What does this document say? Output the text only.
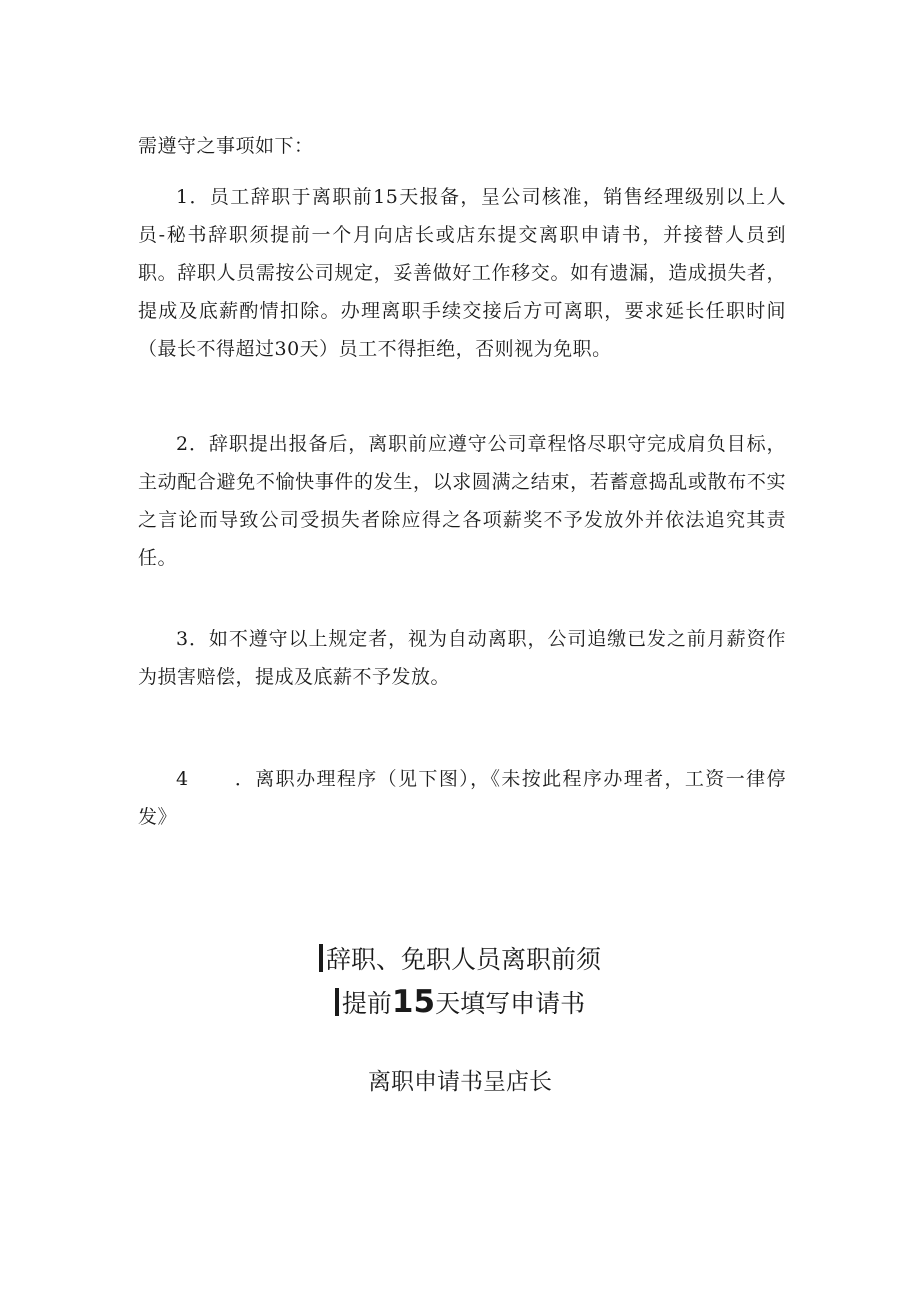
需遵守之事项如下：

1．员工辞职于离职前15天报备，呈公司核准，销售经理级别以上人员-秘书辞职须提前一个月向店长或店东提交离职申请书，并接替人员到职。辞职人员需按公司规定，妥善做好工作移交。如有遗漏，造成损失者，提成及底薪酌情扣除。办理离职手续交接后方可离职，要求延长任职时间（最长不得超过30天）员工不得拒绝，否则视为免职。

2．辞职提出报备后，离职前应遵守公司章程恪尽职守完成肩负目标，主动配合避免不愉快事件的发生，以求圆满之结束，若蓄意捣乱或散布不实之言论而导致公司受损失者除应得之各项薪奖不予发放外并依法追究其责任。

3．如不遵守以上规定者，视为自动离职，公司追缴已发之前月薪资作为损害赔偿，提成及底薪不予发放。

4 ．离职办理程序（见下图），《未按此程序办理者，工资一律停发》

辞职、免职人员离职前须
提前15天填写申请书
离职申请书呈店长
